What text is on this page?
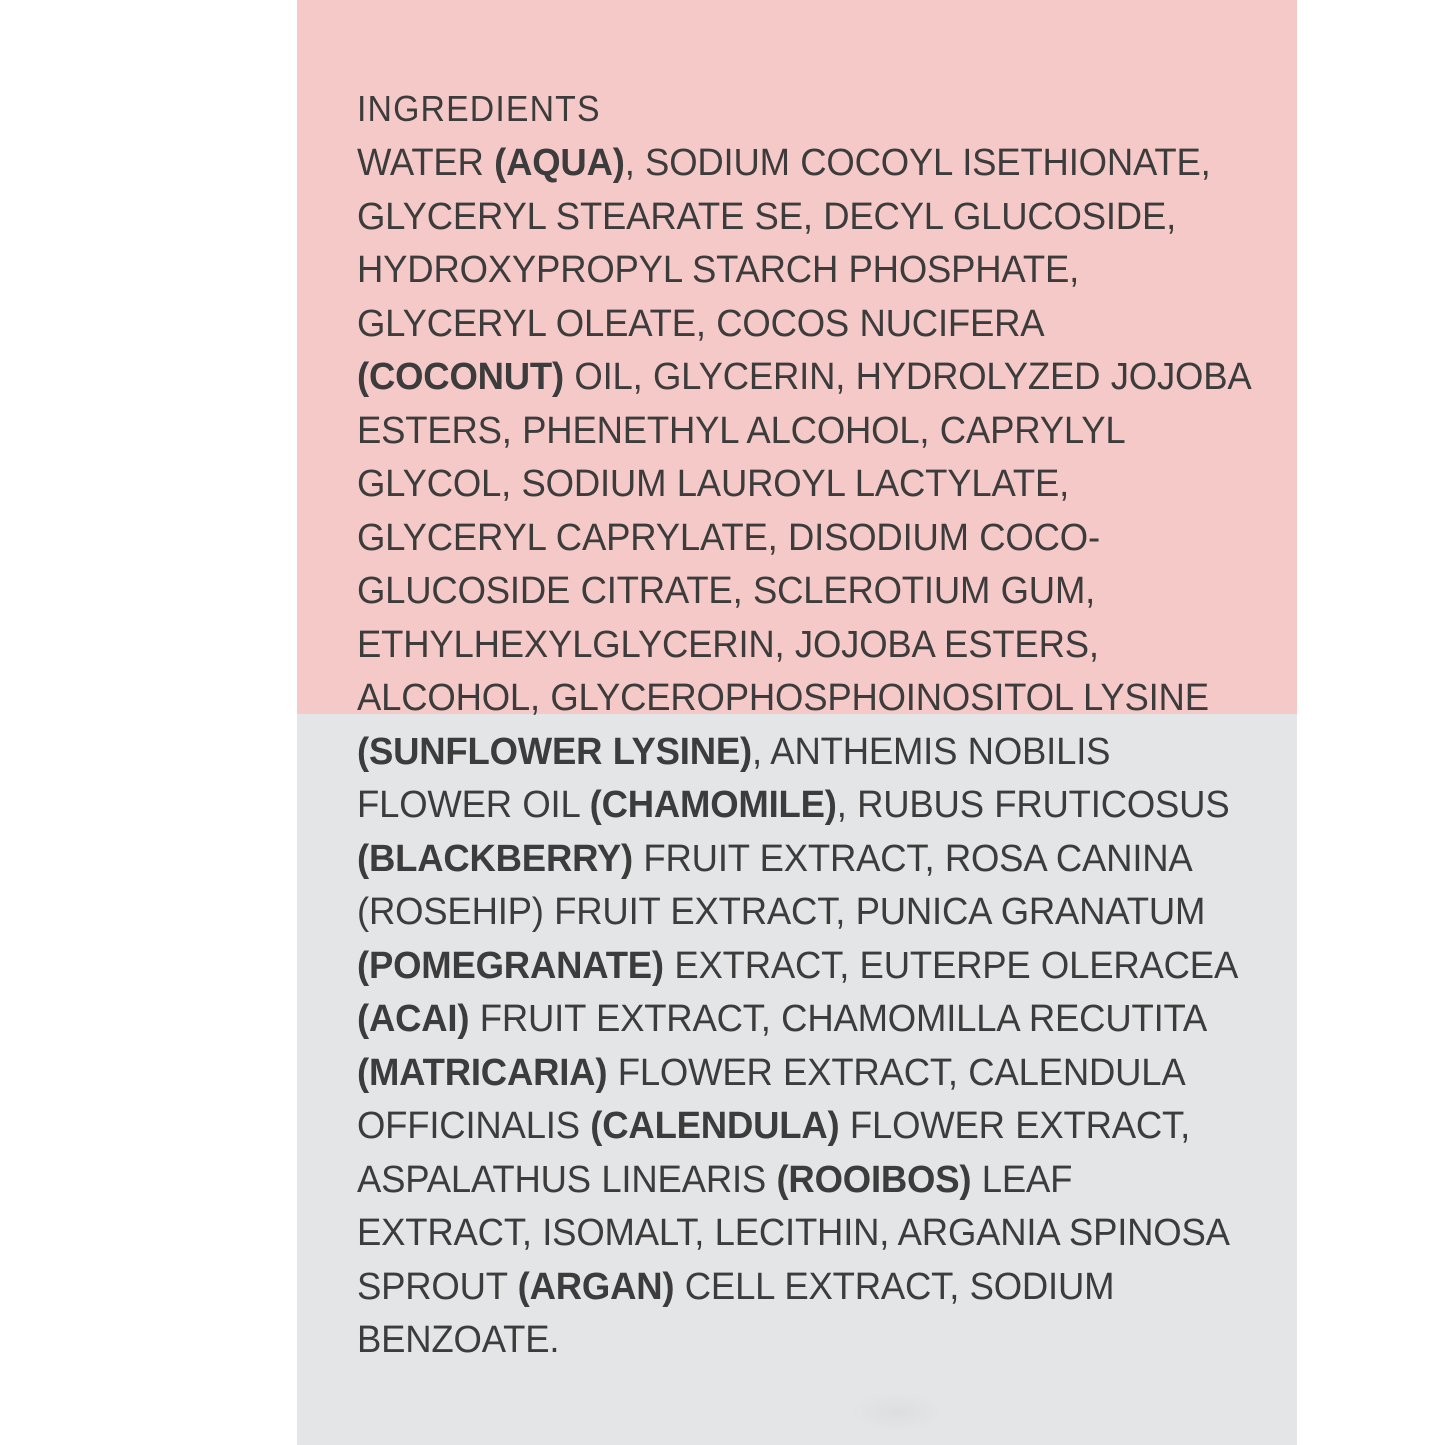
INGREDIENTS
WATER (AQUA), SODIUM COCOYL ISETHIONATE, GLYCERYL STEARATE SE, DECYL GLUCOSIDE, HYDROXYPROPYL STARCH PHOSPHATE, GLYCERYL OLEATE, COCOS NUCIFERA (COCONUT) OIL, GLYCERIN, HYDROLYZED JOJOBA ESTERS, PHENETHYL ALCOHOL, CAPRYLYL GLYCOL, SODIUM LAUROYL LACTYLATE, GLYCERYL CAPRYLATE, DISODIUM COCO-GLUCOSIDE CITRATE, SCLEROTIUM GUM, ETHYLHEXYLGLYCERIN, JOJOBA ESTERS, ALCOHOL, GLYCEROPHOSPHOINOSITOL LYSINE (SUNFLOWER LYSINE), ANTHEMIS NOBILIS FLOWER OIL (CHAMOMILE), RUBUS FRUTICOSUS (BLACKBERRY) FRUIT EXTRACT, ROSA CANINA (ROSEHIP) FRUIT EXTRACT, PUNICA GRANATUM (POMEGRANATE) EXTRACT, EUTERPE OLERACEA (ACAI) FRUIT EXTRACT, CHAMOMILLA RECUTITA (MATRICARIA) FLOWER EXTRACT, CALENDULA OFFICINALIS (CALENDULA) FLOWER EXTRACT, ASPALATHUS LINEARIS (ROOIBOS) LEAF EXTRACT, ISOMALT, LECITHIN, ARGANIA SPINOSA SPROUT (ARGAN) CELL EXTRACT, SODIUM BENZOATE.
